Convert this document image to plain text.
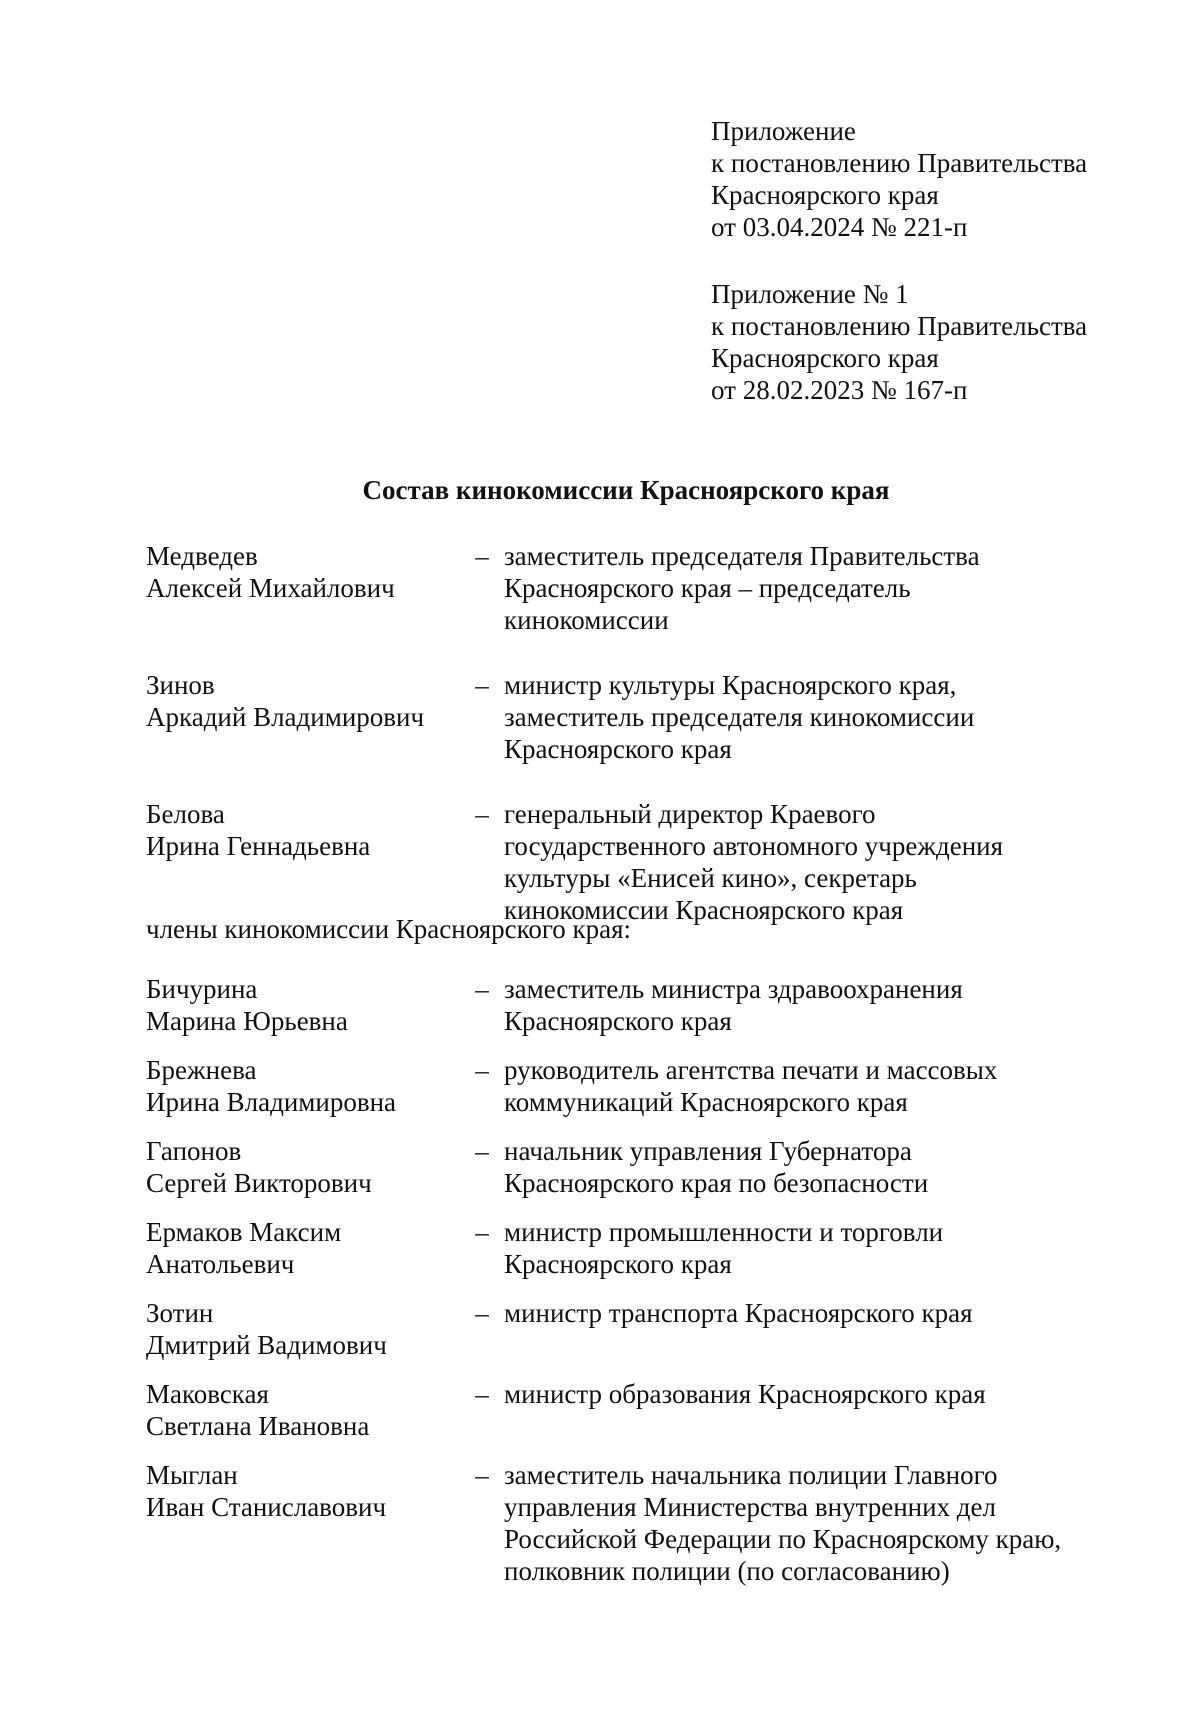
Приложение
к постановлению Правительства
Красноярского края
от 03.04.2024 № 221-п
Приложение № 1
к постановлению Правительства
Красноярского края
от 28.02.2023 № 167-п
Состав кинокомиссии Красноярского края
Медведев
Алексей Михайлович
– заместитель председателя Правительства
Красноярского края – председатель
кинокомиссии
Зинов
Аркадий Владимирович
– министр культуры Красноярского края,
заместитель председателя кинокомиссии
Красноярского края
Белова
Ирина Геннадьевна
– генеральный директор Краевого
государственного автономного учреждения
культуры «Енисей кино», секретарь
кинокомиссии Красноярского края
члены кинокомиссии Красноярского края:
Бичурина
Марина Юрьевна
– заместитель министра здравоохранения
Красноярского края
Брежнева
Ирина Владимировна
– руководитель агентства печати и массовых
коммуникаций Красноярского края
Гапонов
Сергей Викторович
– начальник управления Губернатора
Красноярского края по безопасности
Ермаков Максим
Анатольевич
– министр промышленности и торговли
Красноярского края
Зотин
Дмитрий Вадимович
– министр транспорта Красноярского края
Маковская
Светлана Ивановна
– министр образования Красноярского края
Мыглан
Иван Станиславович
– заместитель начальника полиции Главного
управления Министерства внутренних дел
Российской Федерации по Красноярскому краю,
полковник полиции (по согласованию)
